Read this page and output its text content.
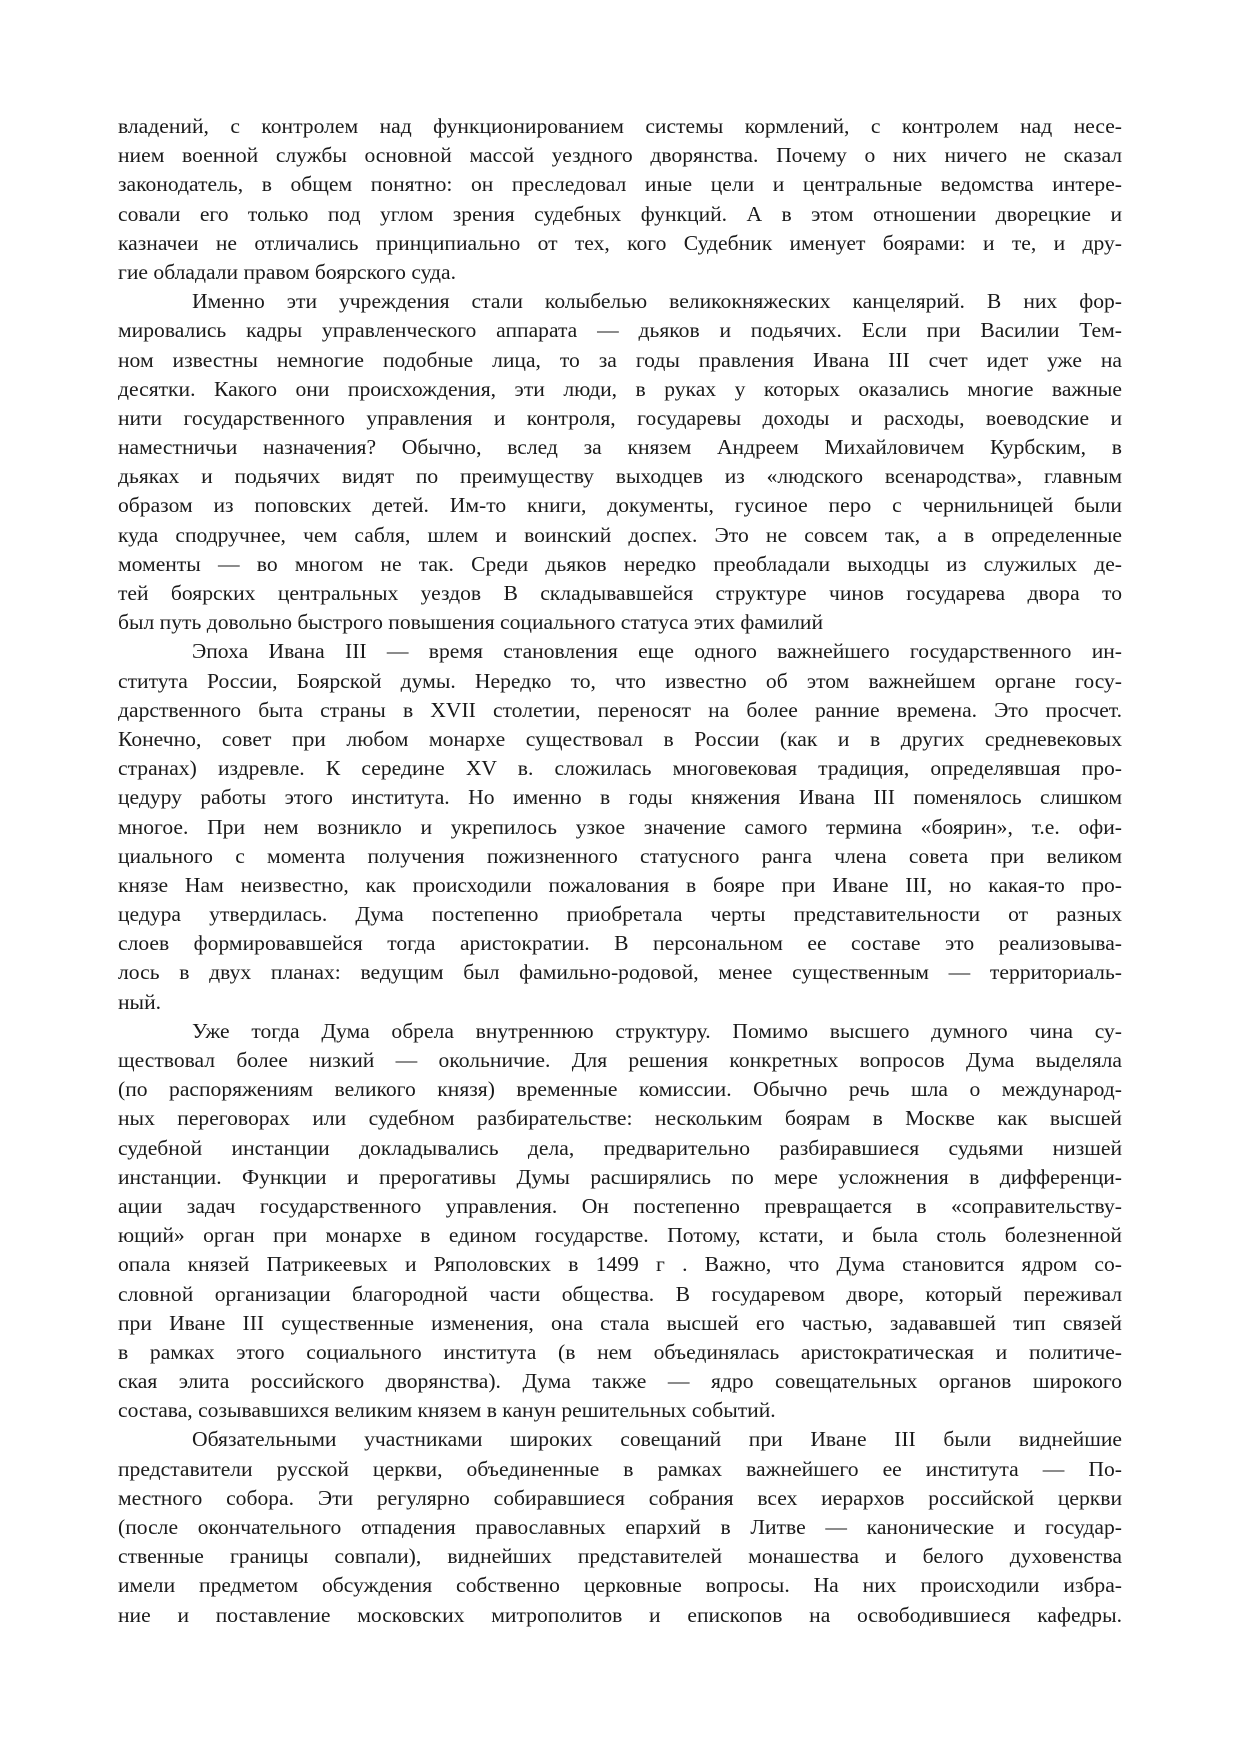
владений, с контролем над функционированием системы кормлений, с контролем над несе-
нием военной службы основной массой уездного дворянства. Почему о них ничего не сказал
законодатель, в общем понятно: он преследовал иные цели и центральные ведомства интере-
совали его только под углом зрения судебных функций. А в этом отношении дворецкие и
казначеи не отличались принципиально от тех, кого Судебник именует боярами: и те, и дру-
гие обладали правом боярского суда.
Именно эти учреждения стали колыбелью великокняжеских канцелярий. В них фор-
мировались кадры управленческого аппарата — дьяков и подьячих. Если при Василии Тем-
ном известны немногие подобные лица, то за годы правления Ивана III счет идет уже на
десятки. Какого они происхождения, эти люди, в руках у которых оказались многие важные
нити государственного управления и контроля, государевы доходы и расходы, воеводские и
наместничьи назначения? Обычно, вслед за князем Андреем Михайловичем Курбским, в
дьяках и подьячих видят по преимуществу выходцев из «людского всенародства», главным
образом из поповских детей. Им-то книги, документы, гусиное перо с чернильницей были
куда сподручнее, чем сабля, шлем и воинский доспех. Это не совсем так, а в определенные
моменты — во многом не так. Среди дьяков нередко преобладали выходцы из служилых де-
тей боярских центральных уездов В складывавшейся структуре чинов государева двора то
был путь довольно быстрого повышения социального статуса этих фамилий
Эпоха Ивана III — время становления еще одного важнейшего государственного ин-
ститута России, Боярской думы. Нередко то, что известно об этом важнейшем органе госу-
дарственного быта страны в XVII столетии, переносят на более ранние времена. Это просчет.
Конечно, совет при любом монархе существовал в России (как и в других средневековых
странах) издревле. К середине XV в. сложилась многовековая традиция, определявшая про-
цедуру работы этого института. Но именно в годы княжения Ивана III поменялось слишком
многое. При нем возникло и укрепилось узкое значение самого термина «боярин», т.е. офи-
циального с момента получения пожизненного статусного ранга члена совета при великом
князе Нам неизвестно, как происходили пожалования в бояре при Иване III, но какая-то про-
цедура утвердилась. Дума постепенно приобретала черты представительности от разных
слоев формировавшейся тогда аристократии. В персональном ее составе это реализовыва-
лось в двух планах: ведущим был фамильно-родовой, менее существенным — территориаль-
ный.
Уже тогда Дума обрела внутреннюю структуру. Помимо высшего думного чина су-
ществовал более низкий — окольничие. Для решения конкретных вопросов Дума выделяла
(по распоряжениям великого князя) временные комиссии. Обычно речь шла о международ-
ных переговорах или судебном разбирательстве: нескольким боярам в Москве как высшей
судебной инстанции докладывались дела, предварительно разбиравшиеся судьями низшей
инстанции. Функции и прерогативы Думы расширялись по мере усложнения в дифференци-
ации задач государственного управления. Он постепенно превращается в «соправительству-
ющий» орган при монархе в едином государстве. Потому, кстати, и была столь болезненной
опала князей Патрикеевых и Ряполовских в 1499 г . Важно, что Дума становится ядром со-
словной организации благородной части общества. В государевом дворе, который переживал
при Иване III существенные изменения, она стала высшей его частью, задававшей тип связей
в рамках этого социального института (в нем объединялась аристократическая и политиче-
ская элита российского дворянства). Дума также — ядро совещательных органов широкого
состава, созывавшихся великим князем в канун решительных событий.
Обязательными участниками широких совещаний при Иване III были виднейшие
представители русской церкви, объединенные в рамках важнейшего ее института — По-
местного собора. Эти регулярно собиравшиеся собрания всех иерархов российской церкви
(после окончательного отпадения православных епархий в Литве — канонические и государ-
ственные границы совпали), виднейших представителей монашества и белого духовенства
имели предметом обсуждения собственно церковные вопросы. На них происходили избра-
ние и поставление московских митрополитов и епископов на освободившиеся кафедры.
